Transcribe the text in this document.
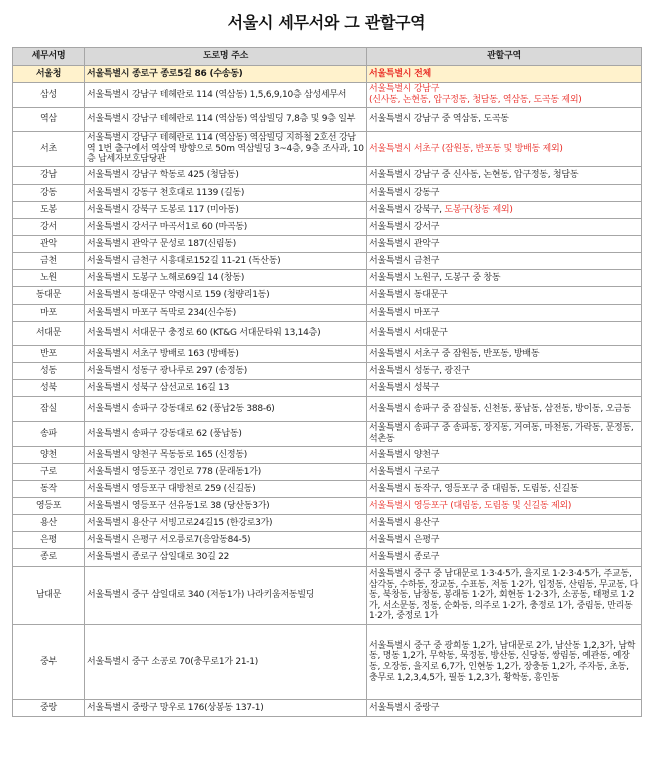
서울시 세무서와 그 관할구역
세무서명	도로명 주소	관할구역
서울청	서울특별시 종로구 종로5길 86 (수송동)	서울특별시 전체
삼성	서울특별시 강남구 테헤란로 114 (역삼동) 1,5,6,9,10층 삼성세무서	서울특별시 강남구
(신사동, 논현동, 압구정동, 청담동, 역삼동, 도곡동 제외)

역삼	서울특별시 강남구 테헤란로 114 (역삼동) 역삼빌딩 7,8층 및 9층 일부	서울특별시 강남구 중 역삼동, 도곡동
서초	서울특별시 강남구 테헤란로 114 (역삼동) 역삼빌딩 지하철 2호선 강남역 1번 출구에서 역삼역 방향으로 50m 역삼빌딩 3~4층, 9층 조사과, 10층 납세자보호담당관	서울특별시 서초구 (잠원동, 반포동 및 방배동 제외)
강남	서울특별시 강남구 학동로 425 (청담동)	서울특별시 강남구 중 신사동, 논현동, 압구정동, 청담동
강동	서울특별시 강동구 천호대로 1139 (길동)	서울특별시 강동구
도봉	서울특별시 강북구 도봉로 117 (미아동)	서울특별시 강북구, 도봉구(창동 제외)
강서	서울특별시 강서구 마곡서1로 60 (마곡동)	서울특별시 강서구
관악	서울특별시 관악구 문성로 187(신림동)	서울특별시 관악구
금천	서울특별시 금천구 시흥대로152길 11-21 (독산동)	서울특별시 금천구
노원	서울특별시 도봉구 노해로69길 14 (창동)	서울특별시 노원구, 도봉구 중 창동
동대문	서울특별시 동대문구 약령시로 159 (청량리1동)	서울특별시 동대문구
마포	서울특별시 마포구 독막로 234(신수동)	서울특별시 마포구
서대문	서울특별시 서대문구 충정로 60 (KT&G 서대문타워 13,14층)	서울특별시 서대문구
반포	서울특별시 서초구 방배로 163 (방배동)	서울특별시 서초구 중 잠원동, 반포동, 방배동
성동	서울특별시 성동구 광나루로 297 (송정동)	서울특별시 성동구, 광진구
성북	서울특별시 성북구 삼선교로 16길 13	서울특별시 성북구
잠실	서울특별시 송파구 강동대로 62 (풍납2동 388-6)	서울특별시 송파구 중 잠실동, 신천동, 풍납동, 삼전동, 방이동, 오금동
송파	서울특별시 송파구 강동대로 62 (풍납동)	서울특별시 송파구 중 송파동, 장지동, 거여동, 마천동, 가락동, 문정동, 석촌동
양천	서울특별시 양천구 목동동로 165 (신정동)	서울특별시 양천구
구로	서울특별시 영등포구 경인로 778 (문래동1가)	서울특별시 구로구
동작	서울특별시 영등포구 대방천로 259 (신길동)	서울특별시 동작구, 영등포구 중 대림동, 도림동, 신길동
영등포	서울특별시 영등포구 선유동1로 38 (당산동3가)	서울특별시 영등포구 (대림동, 도림동 및 신길동 제외)
용산	서울특별시 용산구 서빙고로24길15 (한강로3가)	서울특별시 용산구
은평	서울특별시 은평구 서오릉로7(응암동84-5)	서울특별시 은평구
종로	서울특별시 종로구 삼일대로 30길 22	서울특별시 종로구
남대문	서울특별시 중구 삼일대로 340 (저동1가) 나라키움저동빌딩	서울특별시 중구 중 남대문로 1·3·4·5가, 을지로 1·2·3·4·5가, 주교동, 삼각동, 수하동, 장교동, 수표동, 저동 1·2가, 입정동, 산림동, 무교동, 다동, 북창동, 남창동, 봉래동 1·2가, 회현동 1·2·3가, 소공동, 태평로 1·2가, 서소문동, 정동, 순화동, 의주로 1·2가, 충정로 1가, 중림동, 만리동 1·2가, 중정로 1가
중부	서울특별시 중구 소공로 70(충무로1가 21-1)	서울특별시 중구 중 광희동 1,2가, 남대문로 2가, 남산동 1,2,3가, 남학동, 명동 1,2가, 무학동, 묵정동, 방산동, 신당동, 쌍림동, 예관동, 예장동, 오장동, 을지로 6,7가, 인현동 1,2가, 장충동 1,2가, 주자동, 초동, 충무로 1,2,3,4,5가, 필동 1,2,3가, 황학동, 흥인동
중랑	서울특별시 중랑구 망우로 176(상봉동 137-1)	서울특별시 중랑구
